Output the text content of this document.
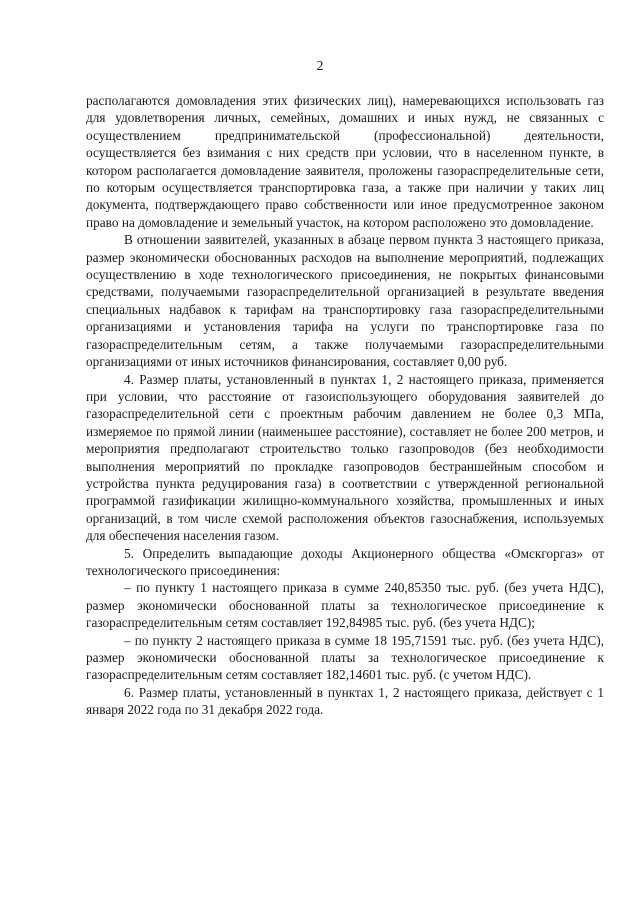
2

располагаются домовладения этих физических лиц), намеревающихся использовать газ для удовлетворения личных, семейных, домашних и иных нужд, не связанных с осуществлением предпринимательской (профессиональной) деятельности, осуществляется без взимания с них средств при условии, что в населенном пункте, в котором располагается домовладение заявителя, проложены газораспределительные сети, по которым осуществляется транспортировка газа, а также при наличии у таких лиц документа, подтверждающего право собственности или иное предусмотренное законом право на домовладение и земельный участок, на котором расположено это домовладение.

В отношении заявителей, указанных в абзаце первом пункта 3 настоящего приказа, размер экономически обоснованных расходов на выполнение мероприятий, подлежащих осуществлению в ходе технологического присоединения, не покрытых финансовыми средствами, получаемыми газораспределительной организацией в результате введения специальных надбавок к тарифам на транспортировку газа газораспределительными организациями и установления тарифа на услуги по транспортировке газа по газораспределительным сетям, а также получаемыми газораспределительными организациями от иных источников финансирования, составляет 0,00 руб.

4. Размер платы, установленный в пунктах 1, 2 настоящего приказа, применяется при условии, что расстояние от газоиспользующего оборудования заявителей до газораспределительной сети с проектным рабочим давлением не более 0,3 МПа, измеряемое по прямой линии (наименьшее расстояние), составляет не более 200 метров, и мероприятия предполагают строительство только газопроводов (без необходимости выполнения мероприятий по прокладке газопроводов бестраншейным способом и устройства пункта редуцирования газа) в соответствии с утвержденной региональной программой газификации жилищно-коммунального хозяйства, промышленных и иных организаций, в том числе схемой расположения объектов газоснабжения, используемых для обеспечения населения газом.

5. Определить выпадающие доходы Акционерного общества «Омскгоргаз» от технологического присоединения:

– по пункту 1 настоящего приказа в сумме 240,85350 тыс. руб. (без учета НДС), размер экономически обоснованной платы за технологическое присоединение к газораспределительным сетям составляет 192,84985 тыс. руб. (без учета НДС);

– по пункту 2 настоящего приказа в сумме 18 195,71591 тыс. руб. (без учета НДС), размер экономически обоснованной платы за технологическое присоединение к газораспределительным сетям составляет 182,14601 тыс. руб. (с учетом НДС).

6. Размер платы, установленный в пунктах 1, 2 настоящего приказа, действует с 1 января 2022 года по 31 декабря 2022 года.
